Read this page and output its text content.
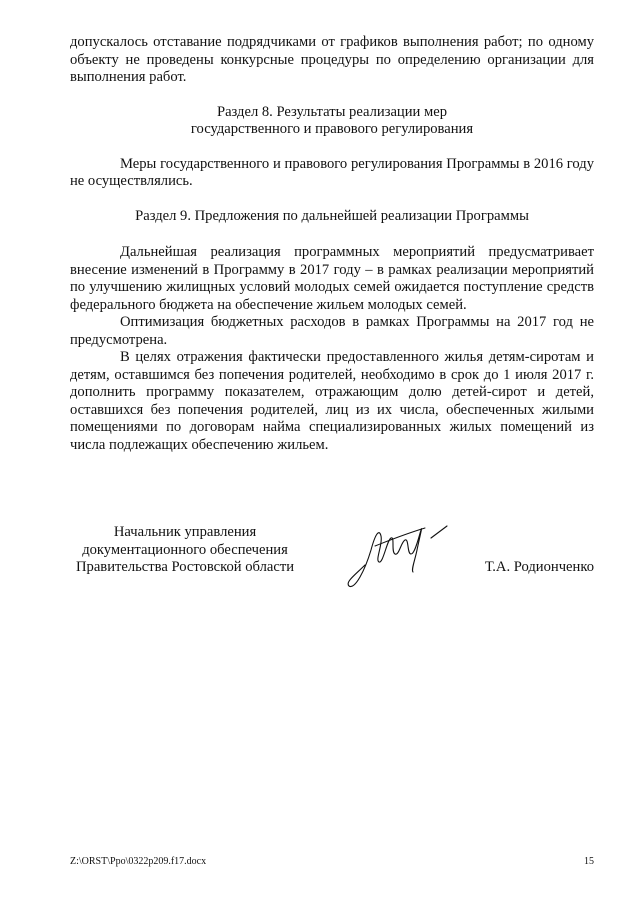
допускалось отставание подрядчиками от графиков выполнения работ; по одному объекту не проведены конкурсные процедуры по определению организации для выполнения работ.

Раздел 8. Результаты реализации мер

государственного и правового регулирования

Меры государственного и правового регулирования Программы в 2016 году не осуществлялись.

Раздел 9. Предложения по дальнейшей реализации Программы

Дальнейшая реализация программных мероприятий предусматривает внесение изменений в Программу в 2017 году – в рамках реализации мероприятий по улучшению жилищных условий молодых семей ожидается поступление средств федерального бюджета на обеспечение жильем молодых семей.

Оптимизация бюджетных расходов в рамках Программы на 2017 год не предусмотрена.

В целях отражения фактически предоставленного жилья детям-сиротам и детям, оставшимся без попечения родителей, необходимо в срок до 1 июля 2017 г. дополнить программу показателем, отражающим долю детей-сирот и детей, оставшихся без попечения родителей, лиц из их числа, обеспеченных жилыми помещениями по договорам найма специализированных жилых помещений из числа подлежащих обеспечению жильем.

Начальник управления
документационного обеспечения
Правительства Ростовской области	Т.А. Родионченко
Z:\ORST\Ppo\0322p209.f17.docx	15
